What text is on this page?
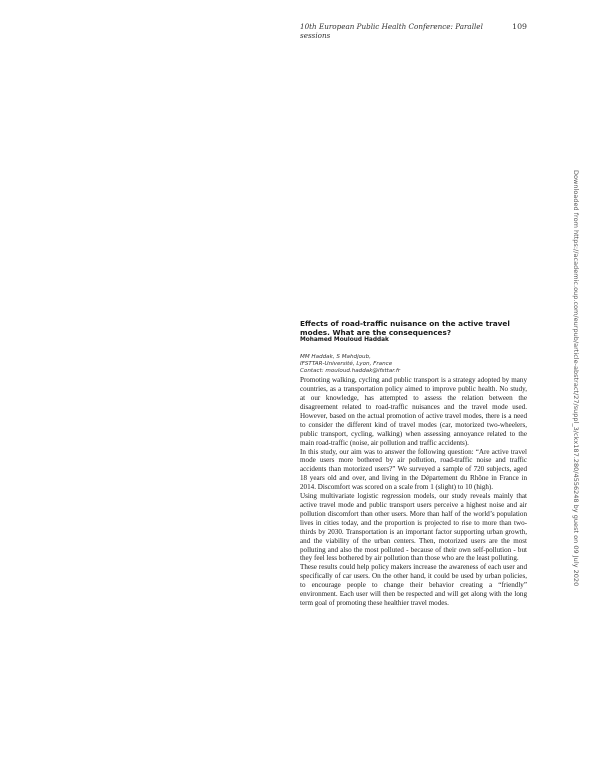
10th European Public Health Conference: Parallel sessions
109
Downloaded from https://academic.oup.com/eurpub/article-abstract/27/suppl_3/ckx187.280/4556248 by guest on 09 July 2020

Effects of road-traffic nuisance on the active travel modes. What are the consequences?

Mohamed Mouloud Haddak

MM Haddak, S Mahdjoub,
IFSTTAR-Université, Lyon, France
Contact: mouloud.haddak@ifsttar.fr

Promoting walking, cycling and public transport is a strategy adopted by many countries, as a transportation policy aimed to improve public health. No study, at our knowledge, has attempted to assess the relation between the disagreement related to road-traffic nuisances and the travel mode used. However, based on the actual promotion of active travel modes, there is a need to consider the different kind of travel modes (car, motorized two-wheelers, public transport, cycling, walking) when assessing annoyance related to the main road-traffic (noise, air pollution and traffic accidents).

In this study, our aim was to answer the following question: “Are active travel mode users more bothered by air pollution, road-traffic noise and traffic accidents than motorized users?” We surveyed a sample of 720 subjects, aged 18 years old and over, and living in the Département du Rhône in France in 2014. Discomfort was scored on a scale from 1 (slight) to 10 (high).

Using multivariate logistic regression models, our study reveals mainly that active travel mode and public transport users perceive a highest noise and air pollution discomfort than other users. More than half of the world’s population lives in cities today, and the proportion is projected to rise to more than two-thirds by 2030. Transportation is an important factor supporting urban growth, and the viability of the urban centers. Then, motorized users are the most polluting and also the most polluted - because of their own self-pollution - but they feel less bothered by air pollution than those who are the least polluting.

These results could help policy makers increase the awareness of each user and specifically of car users. On the other hand, it could be used by urban policies, to encourage people to change their behavior creating a “friendly” environment. Each user will then be respected and will get along with the long term goal of promoting these healthier travel modes.
